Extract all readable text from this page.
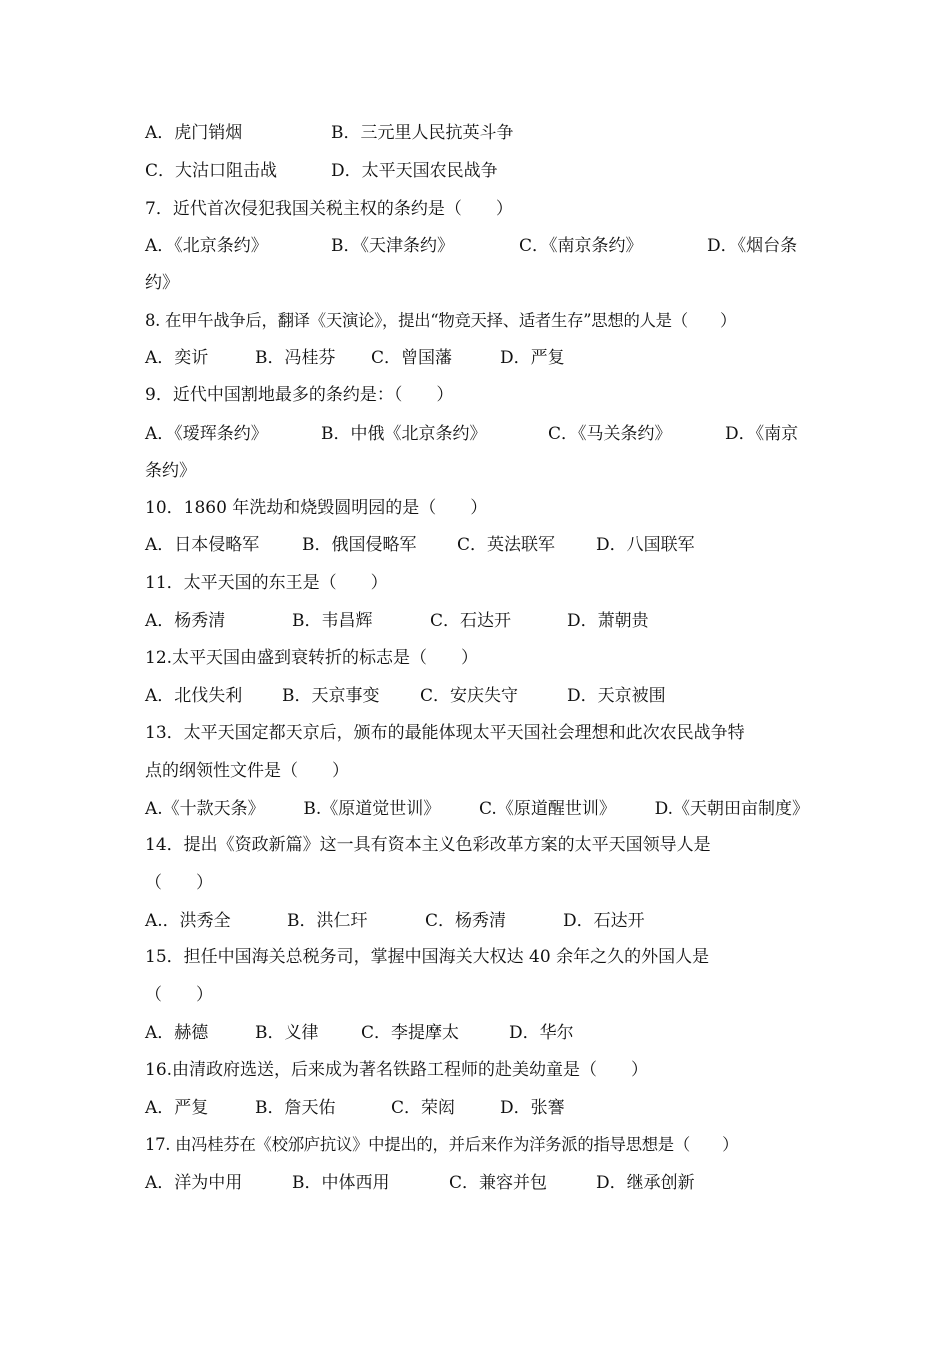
A．虎门销烟	B．三元里人民抗英斗争
C．大沽口阻击战	D．太平天国农民战争
7．近代首次侵犯我国关税主权的条约是（　　）
A．《北京条约》	B．《天津条约》	C．《南京条约》	D．《烟台条
约》
8. 在甲午战争后，翻译《天演论》，提出“物竞天择、适者生存”思想的人是（　　）
A．奕䜣	B．冯桂芬 C．曾国藩	D．严复
9．近代中国割地最多的条约是：（　　）
A．《瑷珲条约》	B．中俄《北京条约》	C．《马关条约》	D．《南京
条约》
10．1860 年洗劫和烧毁圆明园的是（　　）
A．日本侵略军	B．俄国侵略军 C．英法联军 D．八国联军
11．太平天国的东王是（　　）
A．杨秀清	B．韦昌辉	C．石达开	D．萧朝贵
12.太平天国由盛到衰转折的标志是（　　）
A．北伐失利 B．天京事变 C．安庆失守	D．天京被围
13．太平天国定都天京后，颁布的最能体现太平天国社会理想和此次农民战争特
点的纲领性文件是（　　）
A.《十款天条》 B.《原道觉世训》 C.《原道醒世训》 D.《天朝田亩制度》
14．提出《资政新篇》这一具有资本主义色彩改革方案的太平天国领导人是
（　　）
A.．洪秀全	B．洪仁玕	C．杨秀清	D．石达开
15．担任中国海关总税务司，掌握中国海关大权达 40 余年之久的外国人是
（　　）
A．赫德	B．义律	C．李提摩太	D．华尔
16.由清政府选送，后来成为著名铁路工程师的赴美幼童是（　　）
A．严复	B．詹天佑	C．荣闳	D．张謇
17. 由冯桂芬在《校邠庐抗议》中提出的，并后来作为洋务派的指导思想是（　　）
A．洋为中用	B．中体西用	C．兼容并包	D．继承创新
